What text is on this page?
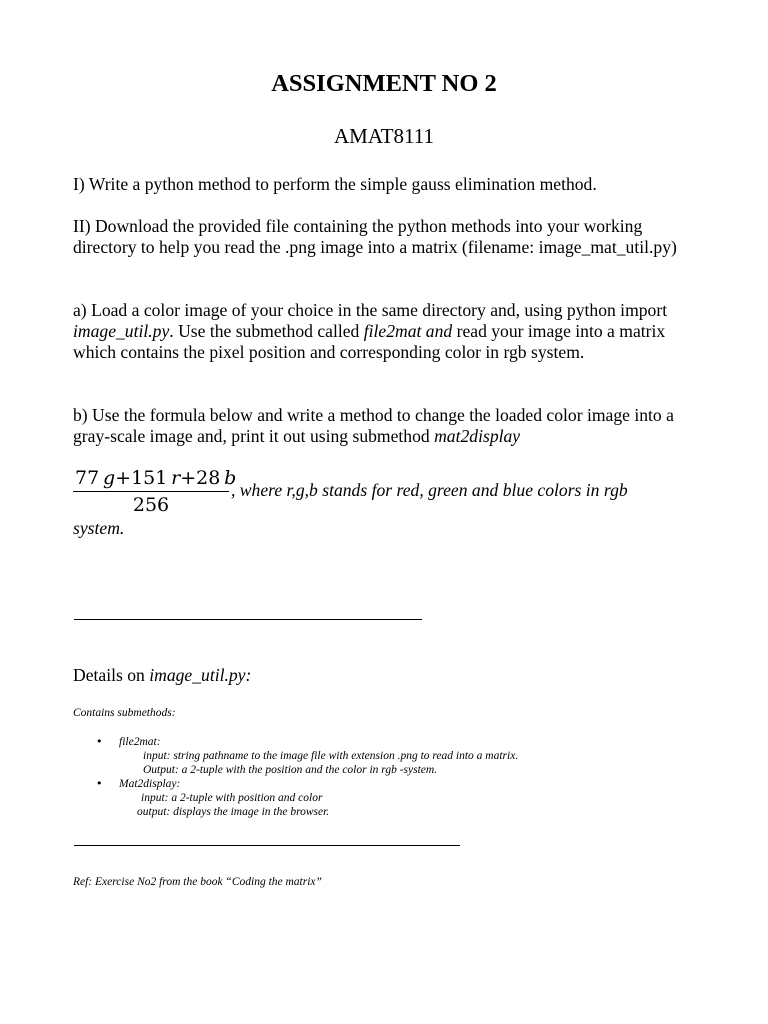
ASSIGNMENT NO 2
AMAT8111

I) Write a python method to perform the simple gauss elimination method.

II) Download the provided file containing the python methods into your working directory to help you read the .png image into a matrix (filename: image_mat_util.py)

a) Load a color image of your choice in the same directory and, using python import image_util.py. Use the submethod called file2mat and read your image into a matrix which contains the pixel position and corresponding color in rgb system.

b) Use the formula below and write a method to change the loaded color image into a gray-scale image and, print it out using submethod mat2display

77  g+151  r+28  b
256
, where r,g,b stands for red, green and blue colors in rgb
system.
Details on image_util.py:
Contains submethods:
• file2mat:
input: string pathname to the image file with extension .png to read into a matrix.
Output: a 2-tuple with the position and the color in rgb -system.
• Mat2display:
input: a 2-tuple with position and color
output: displays the image in the browser.
Ref: Exercise No2 from the book “Coding the matrix”
